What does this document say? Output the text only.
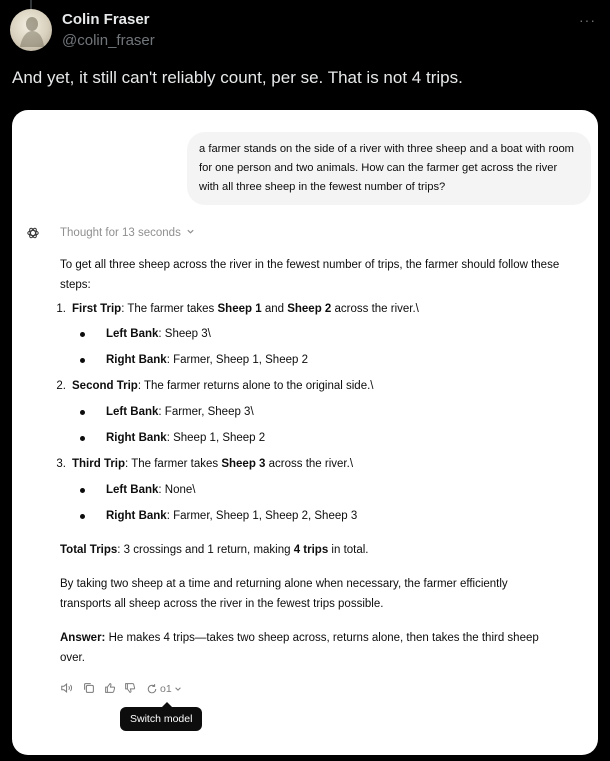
Colin Fraser
@colin_fraser
···
And yet, it still can't reliably count, per se. That is not 4 trips.
a farmer stands on the side of a river with three sheep and a boat with room for one person and two animals. How can the farmer get across the river with all three sheep in the fewest number of trips?
Thought for 13 seconds
To get all three sheep across the river in the fewest number of trips, the farmer should follow these steps:
1. First Trip: The farmer takes Sheep 1 and Sheep 2 across the river.\
Left Bank: Sheep 3\
Right Bank: Farmer, Sheep 1, Sheep 2
2. Second Trip: The farmer returns alone to the original side.\
Left Bank: Farmer, Sheep 3\
Right Bank: Sheep 1, Sheep 2
3. Third Trip: The farmer takes Sheep 3 across the river.\
Left Bank: None\
Right Bank: Farmer, Sheep 1, Sheep 2, Sheep 3
Total Trips: 3 crossings and 1 return, making 4 trips in total.
By taking two sheep at a time and returning alone when necessary, the farmer efficiently transports all sheep across the river in the fewest trips possible.
Answer: He makes 4 trips—takes two sheep across, returns alone, then takes the third sheep over.
o1
Switch model
